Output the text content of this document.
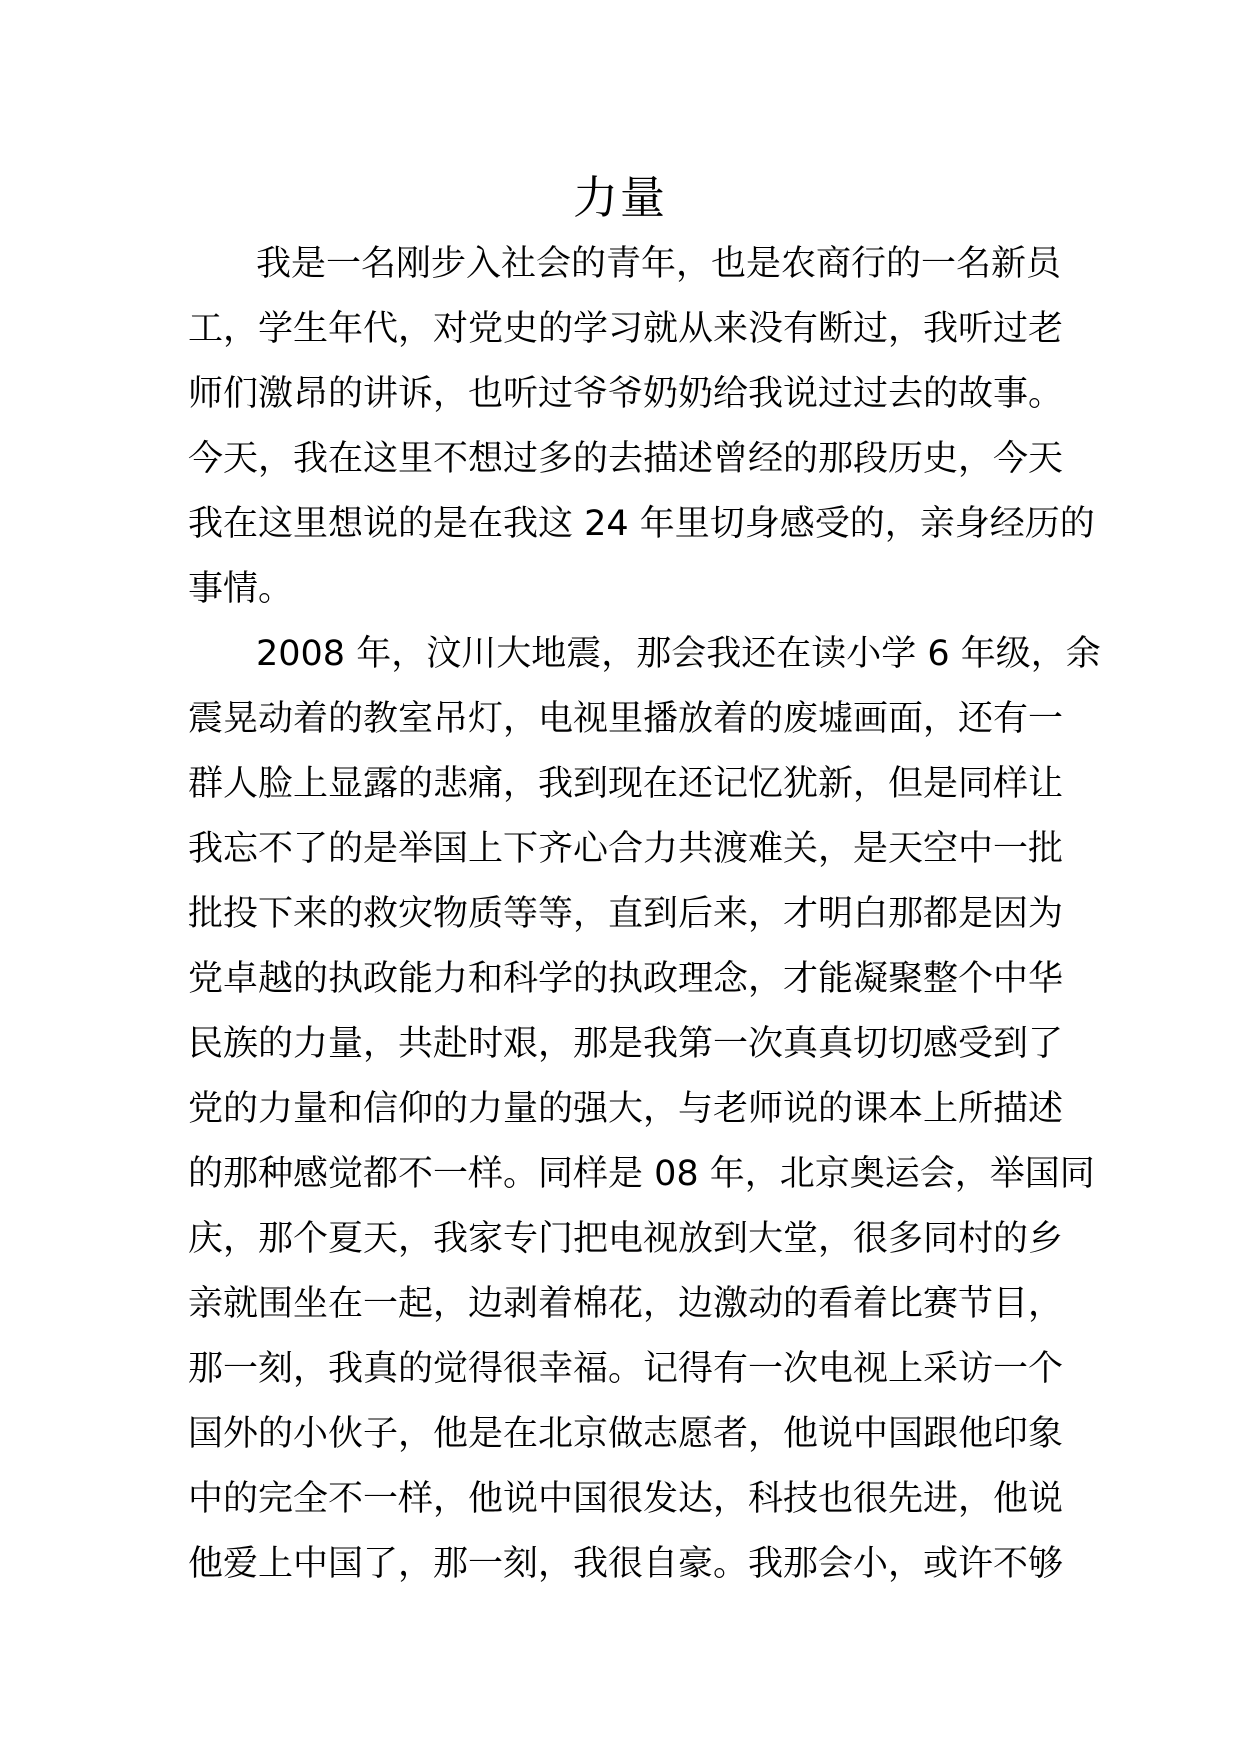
力量
我是一名刚步入社会的青年，也是农商行的一名新员
工，学生年代，对党史的学习就从来没有断过，我听过老
师们激昂的讲诉，也听过爷爷奶奶给我说过过去的故事。
今天，我在这里不想过多的去描述曾经的那段历史，今天
我在这里想说的是在我这 24 年里切身感受的，亲身经历的
事情。
2008 年，汶川大地震，那会我还在读小学 6 年级，余
震晃动着的教室吊灯，电视里播放着的废墟画面，还有一
群人脸上显露的悲痛，我到现在还记忆犹新，但是同样让
我忘不了的是举国上下齐心合力共渡难关，是天空中一批
批投下来的救灾物质等等，直到后来，才明白那都是因为
党卓越的执政能力和科学的执政理念，才能凝聚整个中华
民族的力量，共赴时艰，那是我第一次真真切切感受到了
党的力量和信仰的力量的强大，与老师说的课本上所描述
的那种感觉都不一样。同样是 08 年，北京奥运会，举国同
庆，那个夏天，我家专门把电视放到大堂，很多同村的乡
亲就围坐在一起，边剥着棉花，边激动的看着比赛节目，
那一刻，我真的觉得很幸福。记得有一次电视上采访一个
国外的小伙子，他是在北京做志愿者，他说中国跟他印象
中的完全不一样，他说中国很发达，科技也很先进，他说
他爱上中国了，那一刻，我很自豪。我那会小，或许不够
